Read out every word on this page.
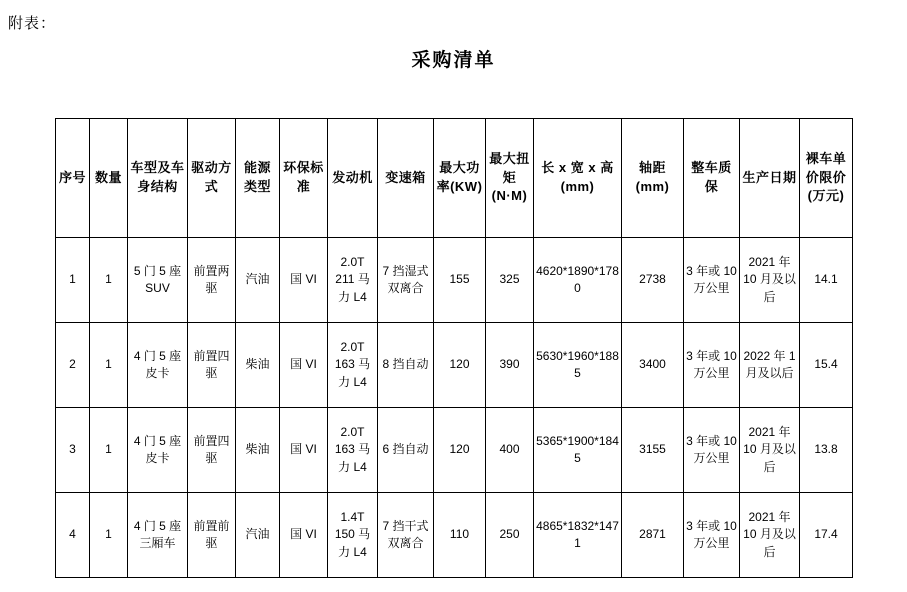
附表：
采购清单
序号	数量	车型及车身结构	驱动方式	能源类型	环保标准	发动机	变速箱	最大功率(KW)	最大扭矩(N·M)	长 x 宽 x 高(mm)	轴距(mm)	整车质保	生产日期	裸车单价限价(万元)
1	1	5 门 5 座 SUV	前置两驱	汽油	国 VI	2.0T 211 马力 L4	7 挡湿式双离合	155	325	4620*1890*1780	2738	3 年或 10 万公里	2021 年 10 月及以后	14.1
2	1	4 门 5 座皮卡	前置四驱	柴油	国 VI	2.0T 163 马力 L4	8 挡自动	120	390	5630*1960*1885	3400	3 年或 10 万公里	2022 年 1 月及以后	15.4
3	1	4 门 5 座皮卡	前置四驱	柴油	国 VI	2.0T 163 马力 L4	6 挡自动	120	400	5365*1900*1845	3155	3 年或 10 万公里	2021 年 10 月及以后	13.8
4	1	4 门 5 座三厢车	前置前驱	汽油	国 VI	1.4T 150 马力 L4	7 挡干式双离合	110	250	4865*1832*1471	2871	3 年或 10 万公里	2021 年 10 月及以后	17.4
